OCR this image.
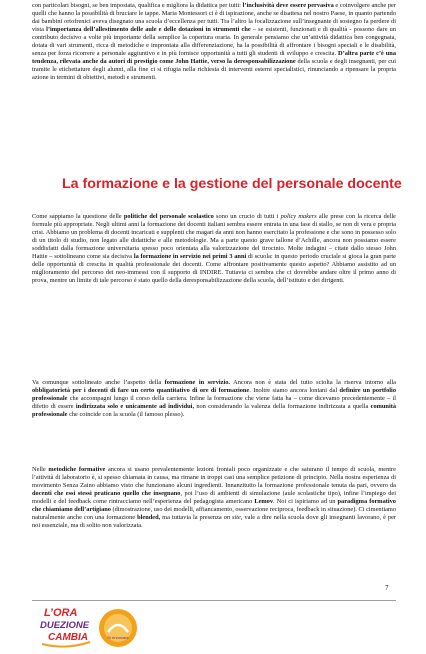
con particolari bisogni, se ben impostata, qualifica e migliora la didattica per tutti: l’inclusività deve essere pervasiva e coinvolgere anche per quelli che hanno la possibilità di bruciare le tappe. Maria Montessori ci è di ispirazione, anche se disattesa nel nostro Paese, in quanto partendo dai bambini ortofrenici aveva disegnato una scuola d’eccellenza per tutti. Tra l’altro la focalizzazione sull’insegnante di sostegno fa perdere di vista l’importanza dell’allestimento delle aule e delle dotazioni in strumenti che – se esistenti, funzionati e di qualità - possono dare un contributo decisivo a volte più importante della semplice la copertura oraria. In generale pensiamo che un’attività didattica ben congegnata, dotata di vari strumenti, ricca di metodiche e improntata alla differenziazione, ha la possibilità di affrontare i bisogni speciali e le disabilità, senza per forza ricorrere a personale aggiuntivo e in più fornisce opportunità a tutti gli studenti di sviluppo e crescita. D’altra parte c’è una tendenza, rilevata anche da autori di prestigio come John Hattie, verso la deresponsabilizzazione della scuola e degli insegnanti, per cui tramite le etichettature degli alunni, alla fine ci si rifugia nella richiesta di interventi esterni specialistici, rinunciando a ripensare la propria azione in termini di obiettivi, metodi e strumenti.

La formazione e la gestione del personale docente

Come sappiamo la questione delle politiche del personale scolastico sono un crucio di tutti i policy makers alle prese con la ricerca delle formule più appropriate. Negli ultimi anni la formazione dei docenti italiani sembra essere entrata in una fase di stallo, se non di vera e propria crisi. Abbiamo un problema di docenti incaricati e supplenti che magari da anni non hanno esercitato la professione e che sono in possesso solo di un titolo di studio, non legato alle didattiche e alle metodologie. Ma a parte questo grave tallone d’Achille, ancora non possiamo essere soddisfatti dalla formazione universitaria spesso poco orientata alla valorizzazione del tirocinio. Molte indagini – citate dallo stesso John Hattie – sottolineano come sia decisiva la formazione in servizio nei primi 3 anni di scuola: in questo periodo cruciale si gioca la gran parte delle opportunità di crescita in qualità professionale dei docenti. Come affrontare positivamente questo aspetto? Abbiamo assistito ad un miglioramento del percorso dei neo-immessi con il supporto di INDIRE. Tuttavia ci sembra che ci dovrebbe andare oltre il primo anno di prova, mentre un limite di tale percorso è stato quello della deresponsabilizzazione della scuola, dell’istituto e dei dirigenti.

Va comunque sottolineato anche l’aspetto della formazione in servizio. Ancora non è stata del tutto sciolta la riserva intorno alla obbligatorietà per i docenti di fare un certo quantitativo di ore di formazione. Inoltre siamo ancora lontani dal definire un portfolio professionale che accompagni lungo il corso della carriera. Infine la formazione che viene fatta ha – come dicevamo precedentemente – il difetto di essere indirizzata solo e unicamente ad individui, non considerando la valenza della formazione indirizzata a quella comunità professionale che coincide con la scuola (il famoso plesso).

Nelle metodiche formative ancora si usano prevalentemente lezioni frontali poco organizzate e che saturano il tempo di scuola, mentre l’attività di laboratorio è, si spesso chiamata in causa, ma rimane in troppi casi una semplice petizione di principio. Nella nostra esperienza di movimento Senza Zaino abbiamo visto che funzionano alcuni ingredienti. Innanzitutto la formazione professionale tenuta da pari, ovvero da docenti che essi stessi praticano quello che insegnano, poi l’uso di ambienti di simulazione (aule scolastiche tipo), infine l’impiego dei modelli e del feedback come rintracciamo nell’esperienza del pedagogista americano Lemov. Noi ci ispiriamo ad un paradigma formativo che chiamiamo dell’artigiano (dimostrazione, uso dei modelli, affiancamento, osservazione reciproca, feedback in situazione). Ci cimentiamo naturalmente anche con una formazione blended, ma tuttavia la presenza on site, vale a dire nella scuola dove gli insegnanti lavorano, è per noi essenziale, ma di solito non valorizzata.

7
L’ORA
DUEZIONE
CAMBIA	Sì rinnovare
